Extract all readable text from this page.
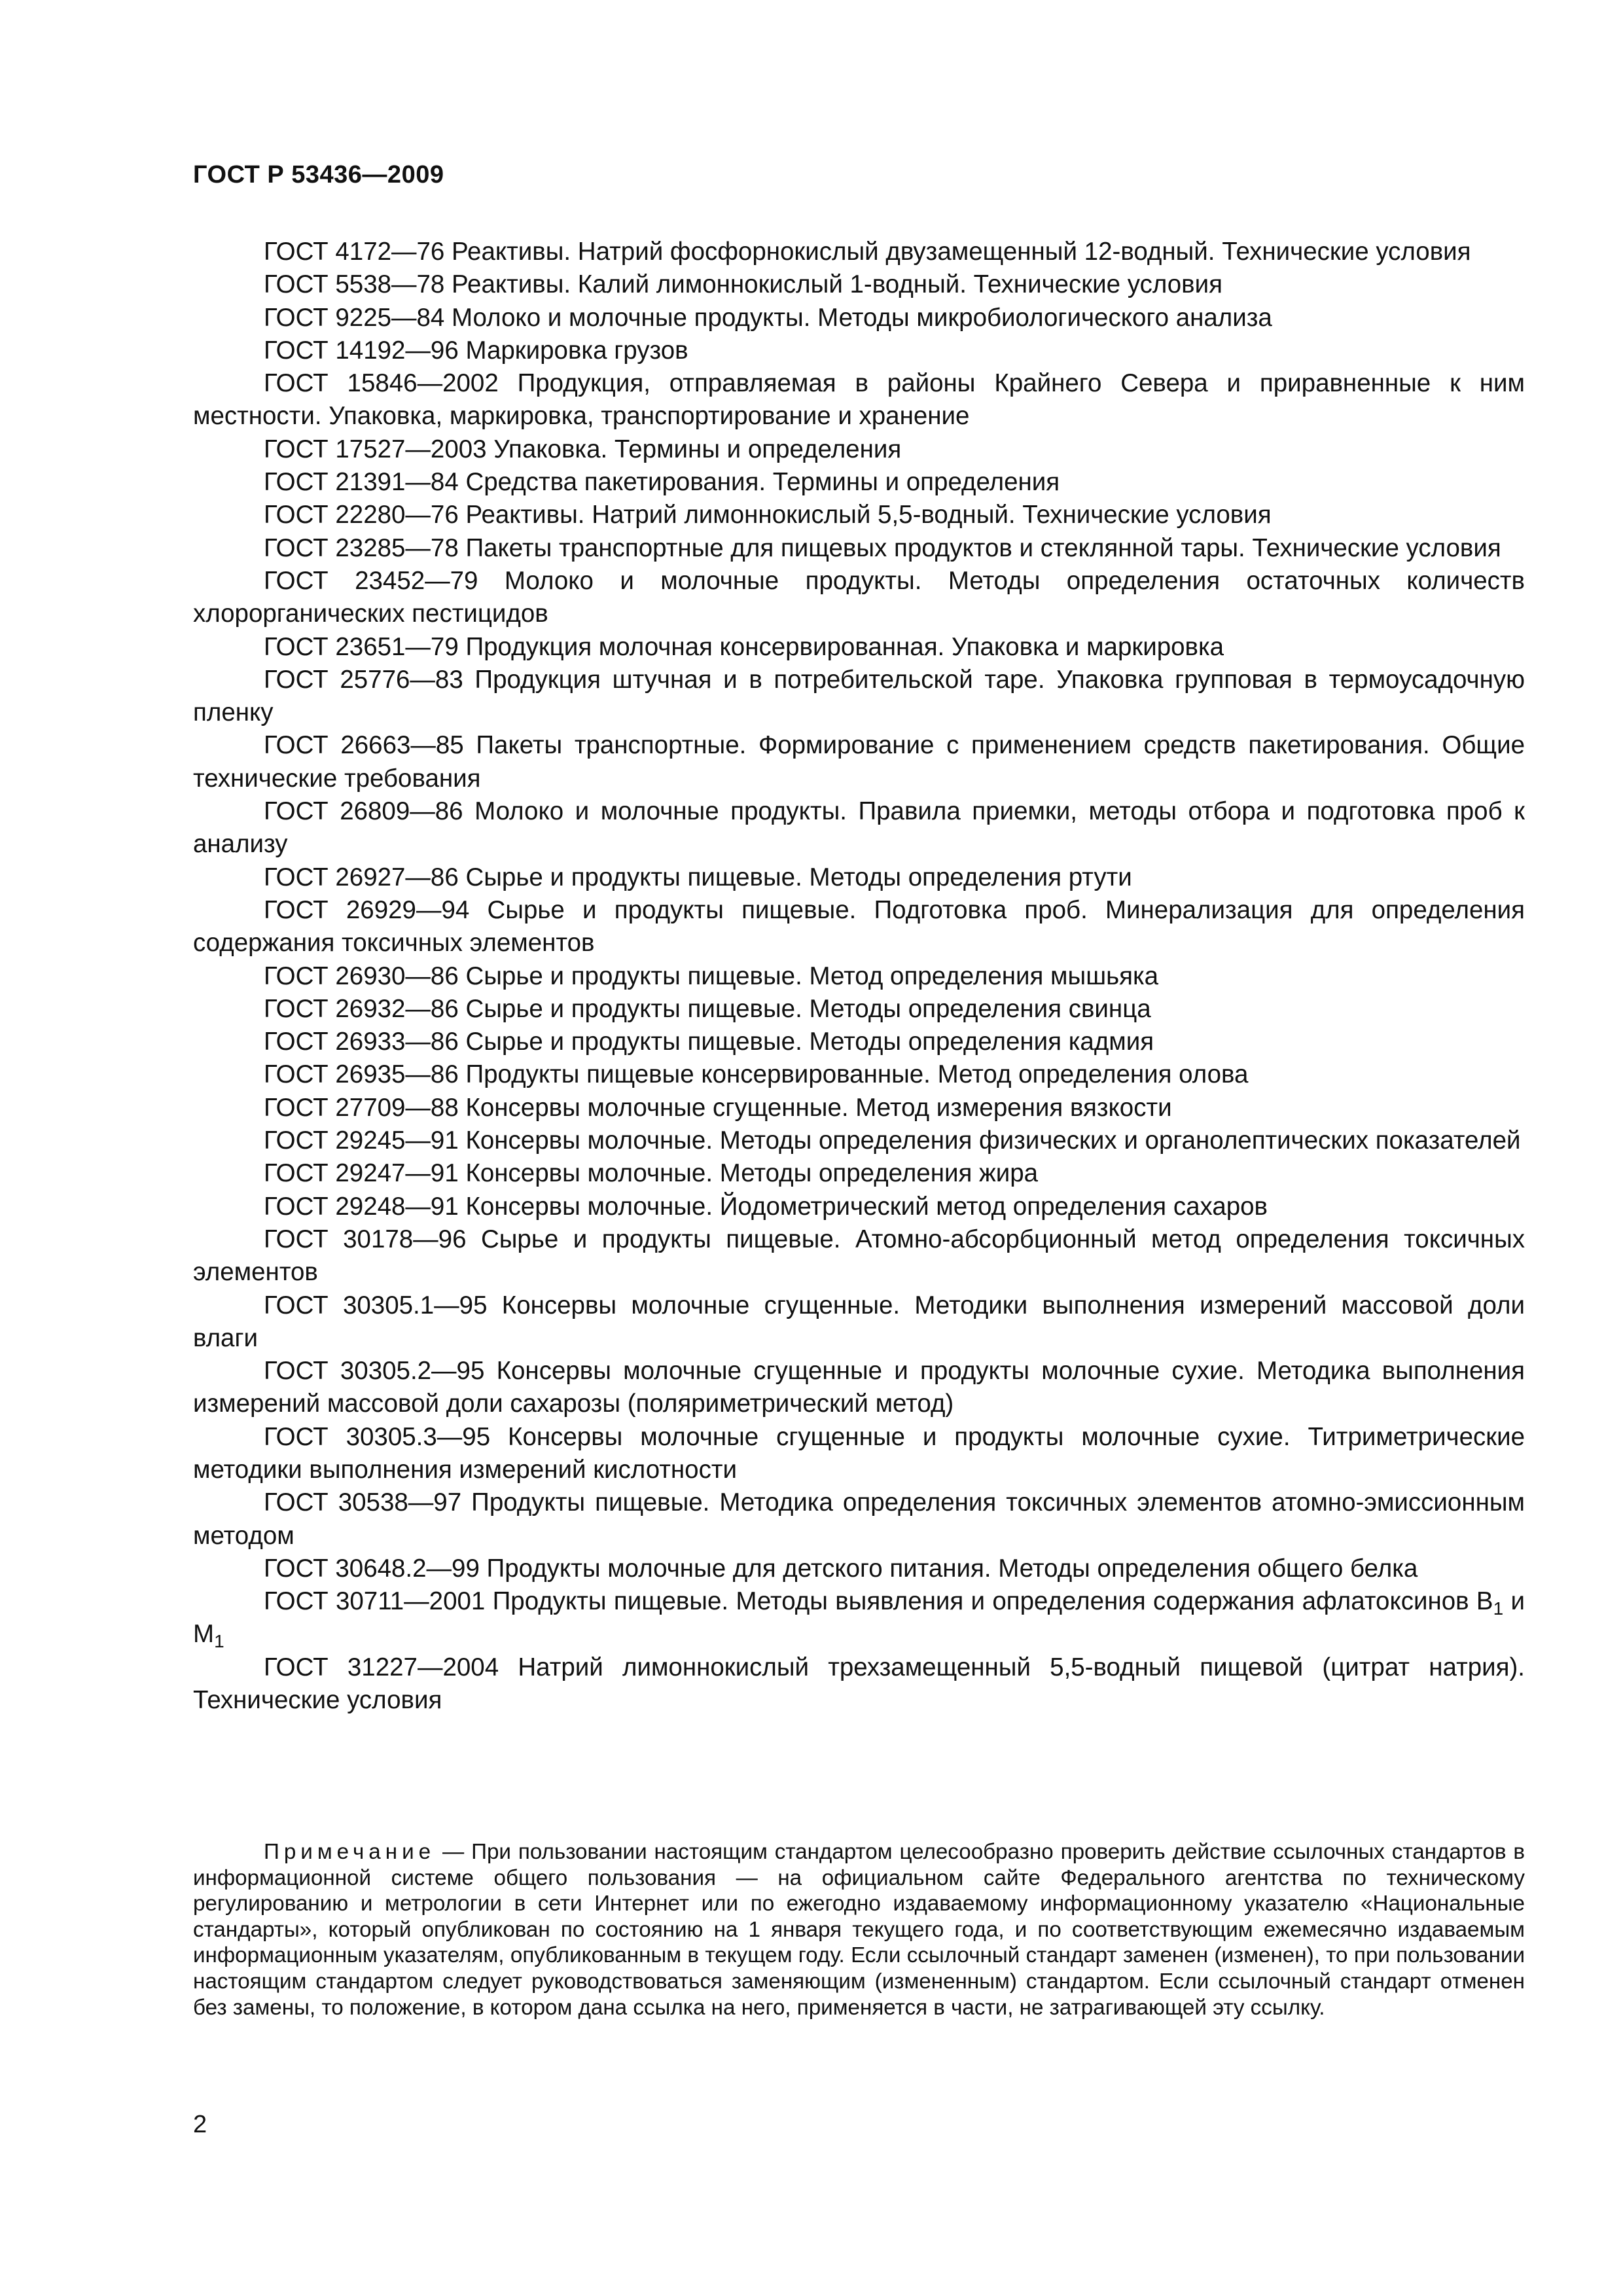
ГОСТ Р 53436—2009

ГОСТ 4172—76 Реактивы. Натрий фосфорнокислый двузамещенный 12-водный. Технические условия

ГОСТ 5538—78 Реактивы. Калий лимоннокислый 1-водный. Технические условия

ГОСТ 9225—84 Молоко и молочные продукты. Методы микробиологического анализа

ГОСТ 14192—96 Маркировка грузов

ГОСТ 15846—2002 Продукция, отправляемая в районы Крайнего Севера и приравненные к ним местности. Упаковка, маркировка, транспортирование и хранение

ГОСТ 17527—2003 Упаковка. Термины и определения

ГОСТ 21391—84 Средства пакетирования. Термины и определения

ГОСТ 22280—76 Реактивы. Натрий лимоннокислый 5,5-водный. Технические условия

ГОСТ 23285—78 Пакеты транспортные для пищевых продуктов и стеклянной тары. Технические условия

ГОСТ 23452—79 Молоко и молочные продукты. Методы определения остаточных количеств хлорорганических пестицидов

ГОСТ 23651—79 Продукция молочная консервированная. Упаковка и маркировка

ГОСТ 25776—83 Продукция штучная и в потребительской таре. Упаковка групповая в термоусадочную пленку

ГОСТ 26663—85 Пакеты транспортные. Формирование с применением средств пакетирования. Общие технические требования

ГОСТ 26809—86 Молоко и молочные продукты. Правила приемки, методы отбора и подготовка проб к анализу

ГОСТ 26927—86 Сырье и продукты пищевые. Методы определения ртути

ГОСТ 26929—94 Сырье и продукты пищевые. Подготовка проб. Минерализация для определения содержания токсичных элементов

ГОСТ 26930—86 Сырье и продукты пищевые. Метод определения мышьяка

ГОСТ 26932—86 Сырье и продукты пищевые. Методы определения свинца

ГОСТ 26933—86 Сырье и продукты пищевые. Методы определения кадмия

ГОСТ 26935—86 Продукты пищевые консервированные. Метод определения олова

ГОСТ 27709—88 Консервы молочные сгущенные. Метод измерения вязкости

ГОСТ 29245—91 Консервы молочные. Методы определения физических и органолептических показателей

ГОСТ 29247—91 Консервы молочные. Методы определения жира

ГОСТ 29248—91 Консервы молочные. Йодометрический метод определения сахаров

ГОСТ 30178—96 Сырье и продукты пищевые. Атомно-абсорбционный метод определения токсичных элементов

ГОСТ 30305.1—95 Консервы молочные сгущенные. Методики выполнения измерений массовой доли влаги

ГОСТ 30305.2—95 Консервы молочные сгущенные и продукты молочные сухие. Методика выполнения измерений массовой доли сахарозы (поляриметрический метод)

ГОСТ 30305.3—95 Консервы молочные сгущенные и продукты молочные сухие. Титриметрические методики выполнения измерений кислотности

ГОСТ 30538—97 Продукты пищевые. Методика определения токсичных элементов атомно-эмиссионным методом

ГОСТ 30648.2—99 Продукты молочные для детского питания. Методы определения общего белка

ГОСТ 30711—2001 Продукты пищевые. Методы выявления и определения содержания афлатоксинов $B_1$ и $M_1$

ГОСТ 31227—2004 Натрий лимоннокислый трехзамещенный 5,5-водный пищевой (цитрат натрия). Технические условия

Примечание — При пользовании настоящим стандартом целесообразно проверить действие ссылочных стандартов в информационной системе общего пользования — на официальном сайте Федерального агентства по техническому регулированию и метрологии в сети Интернет или по ежегодно издаваемому информационному указателю «Национальные стандарты», который опубликован по состоянию на 1 января текущего года, и по соответствующим ежемесячно издаваемым информационным указателям, опубликованным в текущем году. Если ссылочный стандарт заменен (изменен), то при пользовании настоящим стандартом следует руководствоваться заменяющим (измененным) стандартом. Если ссылочный стандарт отменен без замены, то положение, в котором дана ссылка на него, применяется в части, не затрагивающей эту ссылку.

2
